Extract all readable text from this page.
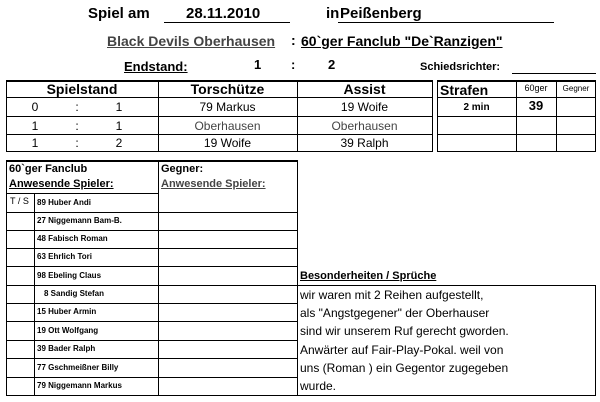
Spiel am	28.11.2010	in Peißenberg
Black Devils Oberhausen : 60`ger Fanclub "De`Ranzigen"
Endstand:	1 :	2	Schiedsrichter:
Spielstand	Torschütze	Assist
0	:	1	79 Markus	19 Woife
1	:	1	Oberhausen	Oberhausen
1	:	2	19 Woife	39 Ralph
Strafen	60ger	Gegner
2 min	39
60`ger Fanclub
Anwesende Spieler:
T / S 89 Huber Andi
27 Niggemann Bam-B.
48 Fabisch Roman
63 Ehrlich Tori
98 Ebeling Claus
8 Sandig Stefan
15 Huber Armin
19 Ott Wolfgang
39 Bader Ralph
77 Gschmeißner Billy
79 Niggemann Markus
Gegner:
Anwesende Spieler:
Besonderheiten / Sprüche
wir waren mit 2 Reihen aufgestellt,
als "Angstgegener" der Oberhauser
sind wir unserem Ruf gerecht gworden.
Anwärter auf Fair-Play-Pokal. weil von
uns (Roman ) ein Gegentor zugegeben
wurde.
